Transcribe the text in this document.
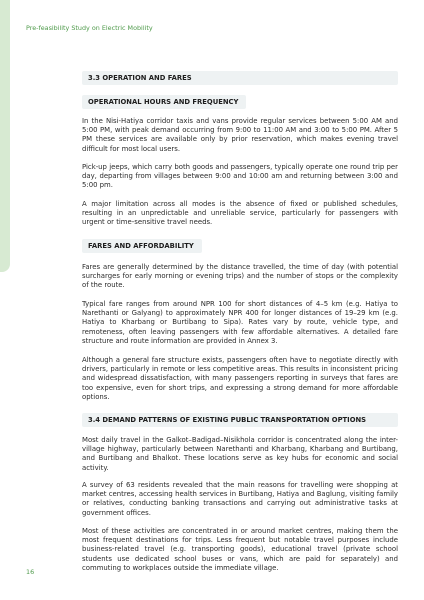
Pre-feasibility Study on Electric Mobility
3.3 OPERATION AND FARES
OPERATIONAL HOURS AND FREQUENCY

In the Nisi-Hatiya corridor taxis and vans provide regular services between 5:00 AM and 5:00 PM, with peak demand occurring from 9:00 to 11:00 AM and 3:00 to 5:00 PM. After 5 PM these services are available only by prior reservation, which makes evening travel difficult for most local users.

Pick-up jeeps, which carry both goods and passengers, typically operate one round trip per day, departing from villages between 9:00 and 10:00 am and returning between 3:00 and 5:00 pm.

A major limitation across all modes is the absence of fixed or published schedules, resulting in an unpredictable and unreliable service, particularly for passengers with urgent or time-sensitive travel needs.

FARES AND AFFORDABILITY

Fares are generally determined by the distance travelled, the time of day (with potential surcharges for early morning or evening trips) and the number of stops or the complexity of the route.

Typical fare ranges from around NPR 100 for short distances of 4–5 km (e.g. Hatiya to Narethanti or Galyang) to approximately NPR 400 for longer distances of 19–29 km (e.g. Hatiya to Kharbang or Burtibang to Sipa). Rates vary by route, vehicle type, and remoteness, often leaving passengers with few affordable alternatives. A detailed fare structure and route information are provided in Annex 3.

Although a general fare structure exists, passengers often have to negotiate directly with drivers, particularly in remote or less competitive areas. This results in inconsistent pricing and widespread dissatisfaction, with many passengers reporting in surveys that fares are too expensive, even for short trips, and expressing a strong demand for more affordable options.

3.4 DEMAND PATTERNS OF EXISTING PUBLIC TRANSPORTATION OPTIONS

Most daily travel in the Galkot–Badigad–Nisikhola corridor is concentrated along the inter-village highway, particularly between Narethanti and Kharbang, Kharbang and Burtibang, and Burtibang and Bhalkot. These locations serve as key hubs for economic and social activity.

A survey of 63 residents revealed that the main reasons for travelling were shopping at market centres, accessing health services in Burtibang, Hatiya and Baglung, visiting family or relatives, conducting banking transactions and carrying out administrative tasks at government offices.

Most of these activities are concentrated in or around market centres, making them the most frequent destinations for trips. Less frequent but notable travel purposes include business-related travel (e.g. transporting goods), educational travel (private school students use dedicated school buses or vans, which are paid for separately) and commuting to workplaces outside the immediate village.

16
